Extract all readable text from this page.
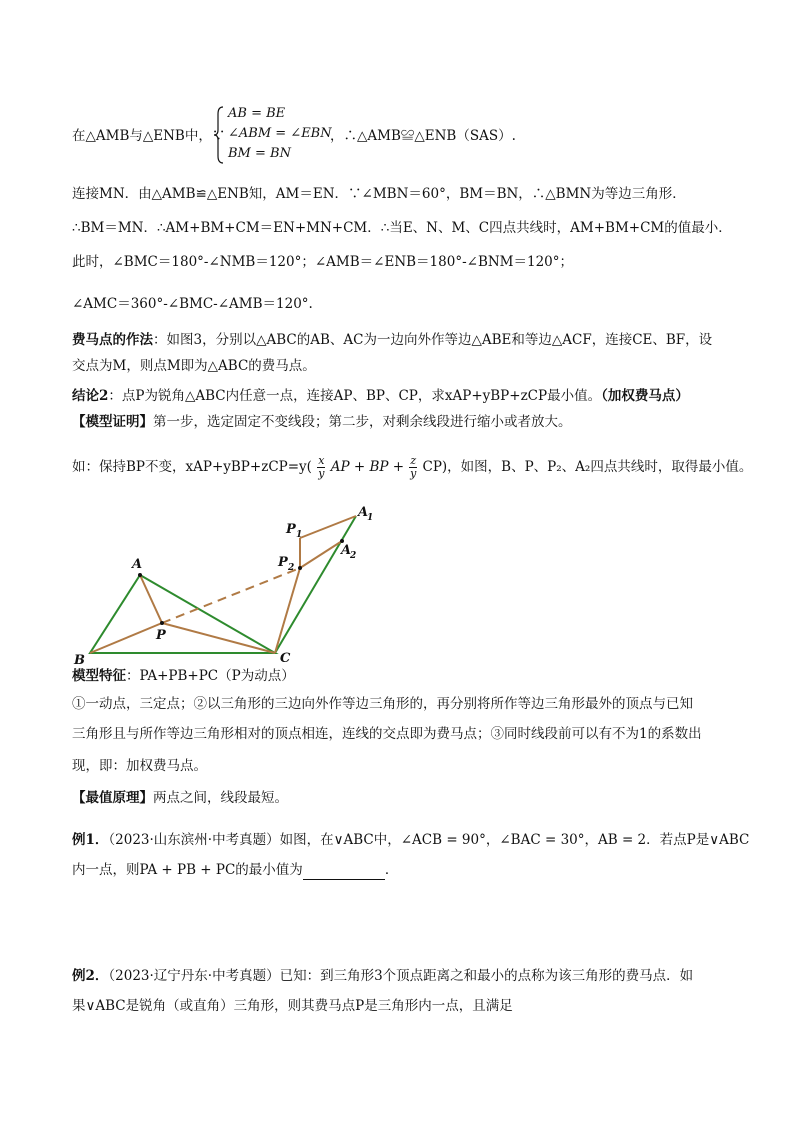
在△AMB与△ENB中，∵
AB = BE
∠ABM = ∠EBN
BM = BN
，∴△AMB≌△ENB（SAS）.
连接MN．由△AMB≌△ENB知，AM＝EN．∵∠MBN＝60°，BM＝BN，∴△BMN为等边三角形．
∴BM＝MN．∴AM+BM+CM＝EN+MN+CM．∴当E、N、M、C四点共线时，AM+BM+CM的值最小．
此时，∠BMC＝180°-∠NMB＝120°；∠AMB＝∠ENB＝180°-∠BNM＝120°；
∠AMC＝360°-∠BMC-∠AMB＝120°.
费马点的作法：如图3，分别以△ABC的AB、AC为一边向外作等边△ABE和等边△ACF，连接CE、BF，设
交点为M，则点M即为△ABC的费马点。
结论2：点P为锐角△ABC内任意一点，连接AP、BP、CP，求xAP+yBP+zCP最小值。（加权费马点）
【模型证明】第一步，选定固定不变线段；第二步，对剩余线段进行缩小或者放大。
如：保持BP不变，$xAP+yBP+zCP=y( \frac{x}{y}$ AP + BP + $\frac{z}{y} CP$)，如图，B、P、P₂、A₂四点共线时，取得最小值。
A
B	C
P
P 1
P 2
A
1
A
2
模型特征：PA+PB+PC（P为动点）
①一动点，三定点；②以三角形的三边向外作等边三角形的，再分别将所作等边三角形最外的顶点与已知
三角形且与所作等边三角形相对的顶点相连，连线的交点即为费马点；③同时线段前可以有不为1的系数出
现，即：加权费马点。
【最值原理】两点之间，线段最短。
例1．（2023·山东滨州·中考真题）如图，在∨ABC中，∠ACB = 90°，∠BAC = 30°，AB = 2．若点P是∨ABC
内一点，则PA + PB + PC的最小值为	．
例2．（2023·辽宁丹东·中考真题）已知：到三角形3个顶点距离之和最小的点称为该三角形的费马点．如
果∨ABC是锐角（或直角）三角形，则其费马点P是三角形内一点，且满足
